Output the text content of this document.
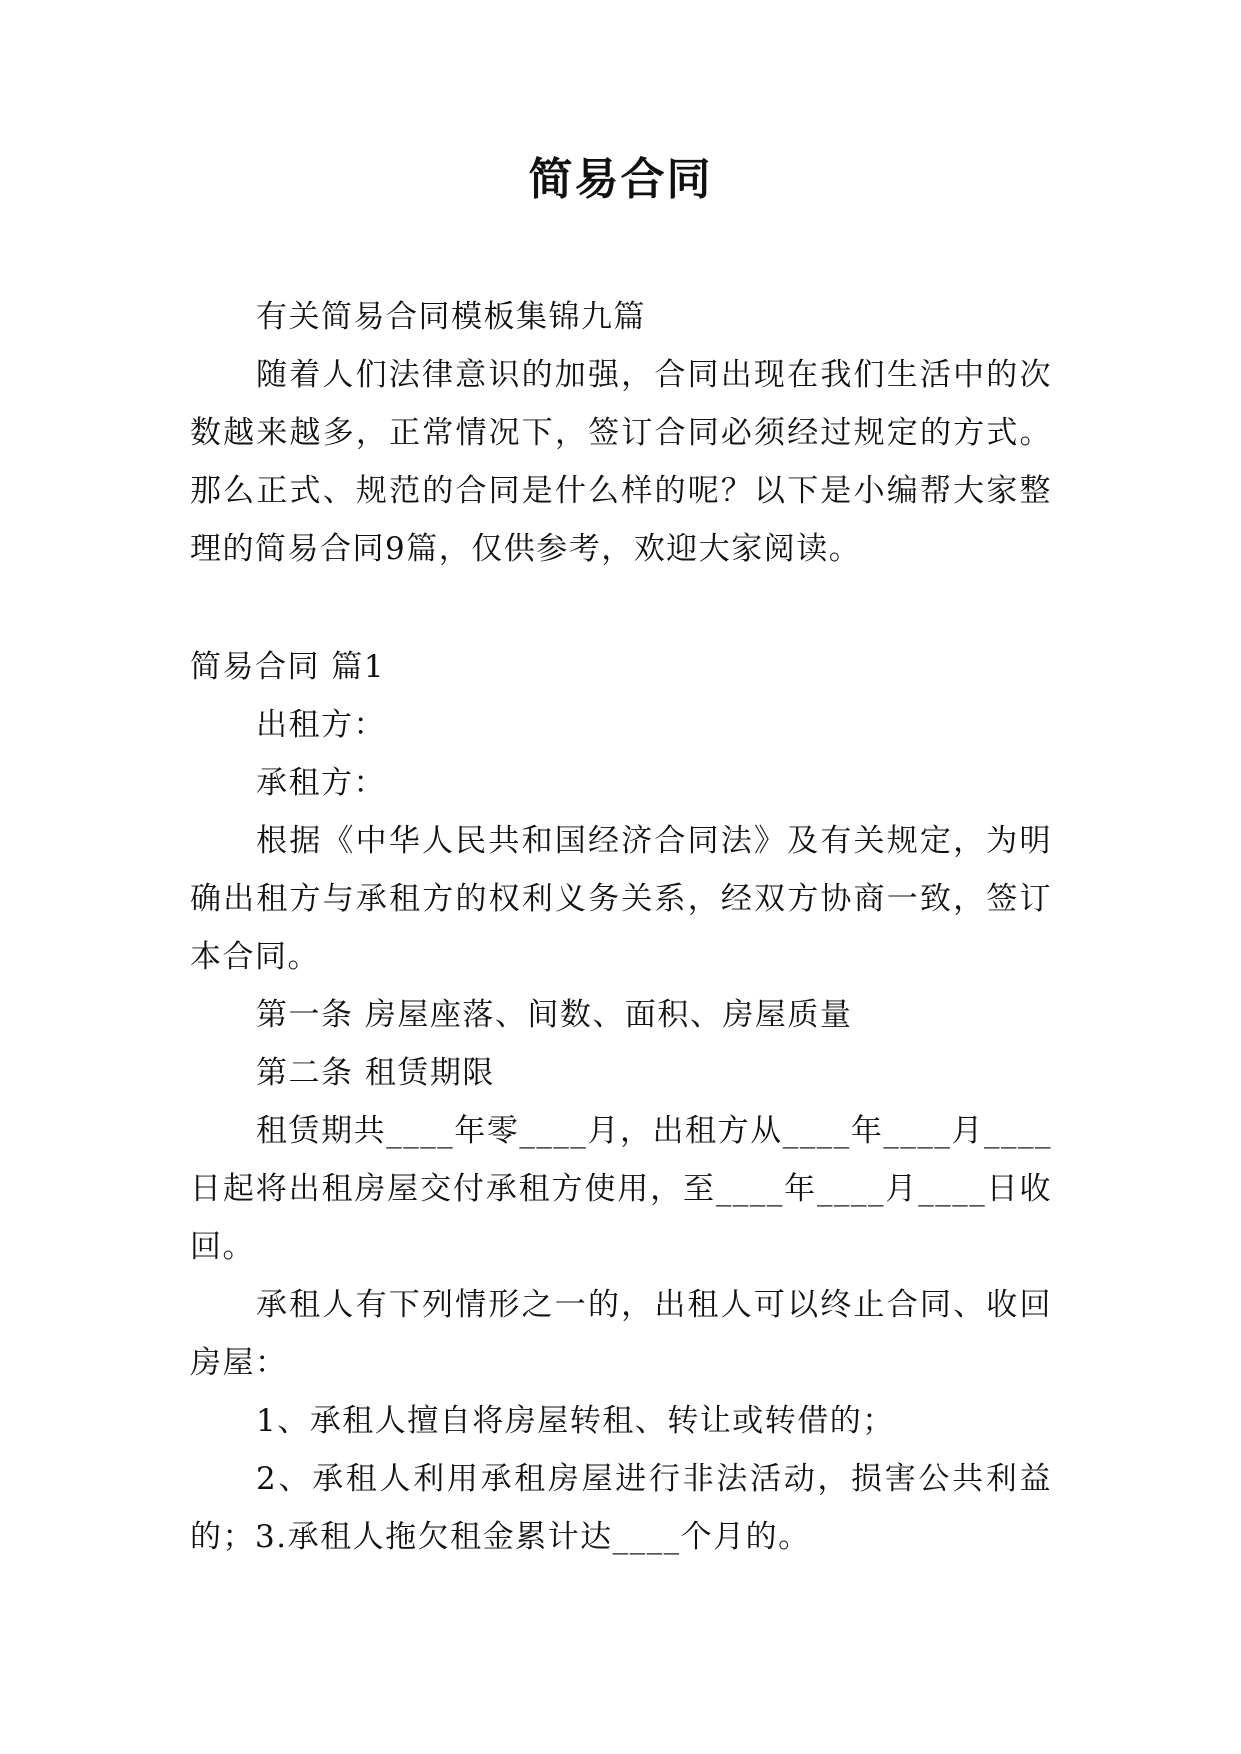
简易合同

有关简易合同模板集锦九篇

随着人们法律意识的加强，合同出现在我们生活中的次数越来越多，正常情况下，签订合同必须经过规定的方式。那么正式、规范的合同是什么样的呢？以下是小编帮大家整理的简易合同9篇，仅供参考，欢迎大家阅读。

简易合同 篇1

出租方：

承租方：

根据《中华人民共和国经济合同法》及有关规定，为明确出租方与承租方的权利义务关系，经双方协商一致，签订本合同。

第一条 房屋座落、间数、面积、房屋质量

第二条 租赁期限

租赁期共____年零____月，出租方从____年____月____日起将出租房屋交付承租方使用，至____年____月____日收回。

承租人有下列情形之一的，出租人可以终止合同、收回房屋：

1、承租人擅自将房屋转租、转让或转借的；

2、承租人利用承租房屋进行非法活动，损害公共利益的；3.承租人拖欠租金累计达____个月的。
